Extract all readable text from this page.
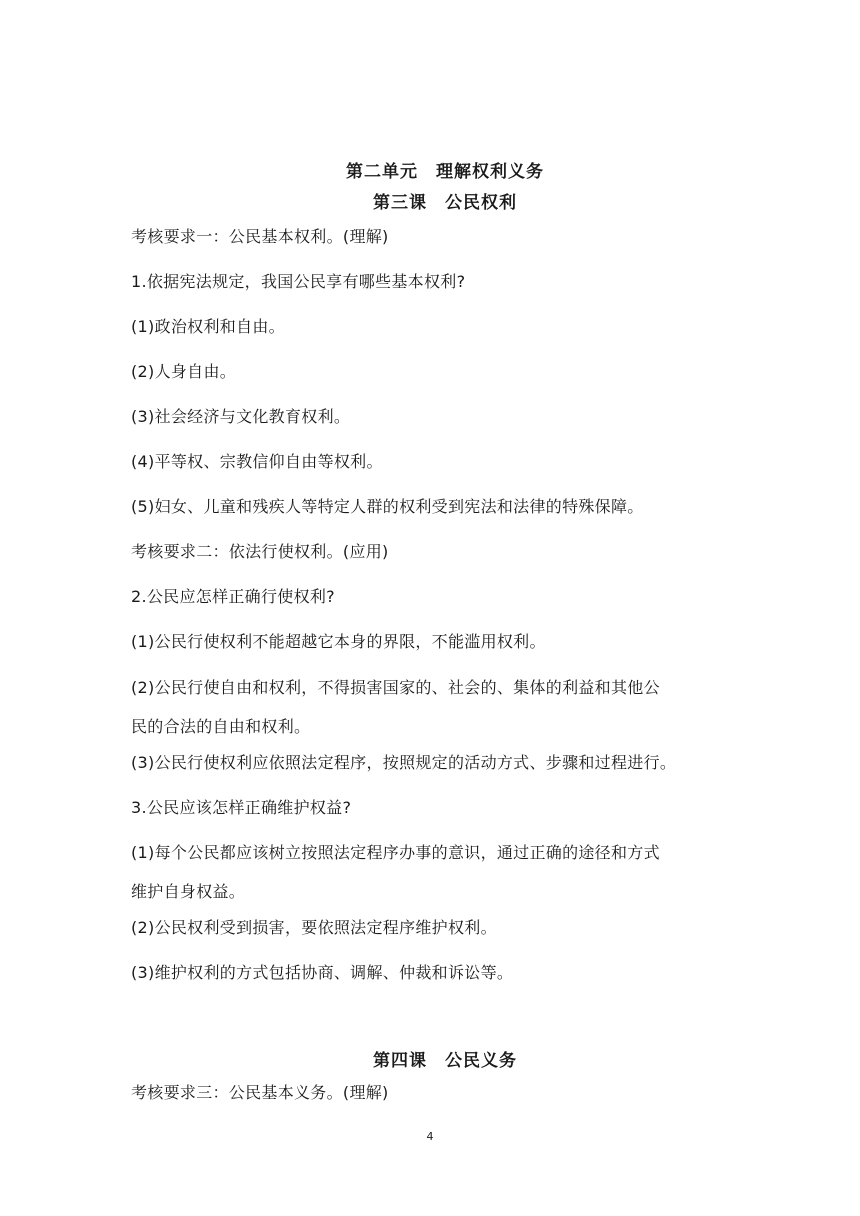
第二单元　理解权利义务
第三课　公民权利
考核要求一：公民基本权利。(理解)
1.依据宪法规定，我国公民享有哪些基本权利?
(1)政治权利和自由。
(2)人身自由。
(3)社会经济与文化教育权利。
(4)平等权、宗教信仰自由等权利。
(5)妇女、儿童和残疾人等特定人群的权利受到宪法和法律的特殊保障。
考核要求二：依法行使权利。(应用)
2.公民应怎样正确行使权利?
(1)公民行使权利不能超越它本身的界限，不能滥用权利。
(2)公民行使自由和权利，不得损害国家的、社会的、集体的利益和其他公
民的合法的自由和权利。
(3)公民行使权利应依照法定程序，按照规定的活动方式、步骤和过程进行。
3.公民应该怎样正确维护权益?
(1)每个公民都应该树立按照法定程序办事的意识，通过正确的途径和方式
维护自身权益。
(2)公民权利受到损害，要依照法定程序维护权利。
(3)维护权利的方式包括协商、调解、仲裁和诉讼等。
第四课　公民义务
考核要求三：公民基本义务。(理解)
4
